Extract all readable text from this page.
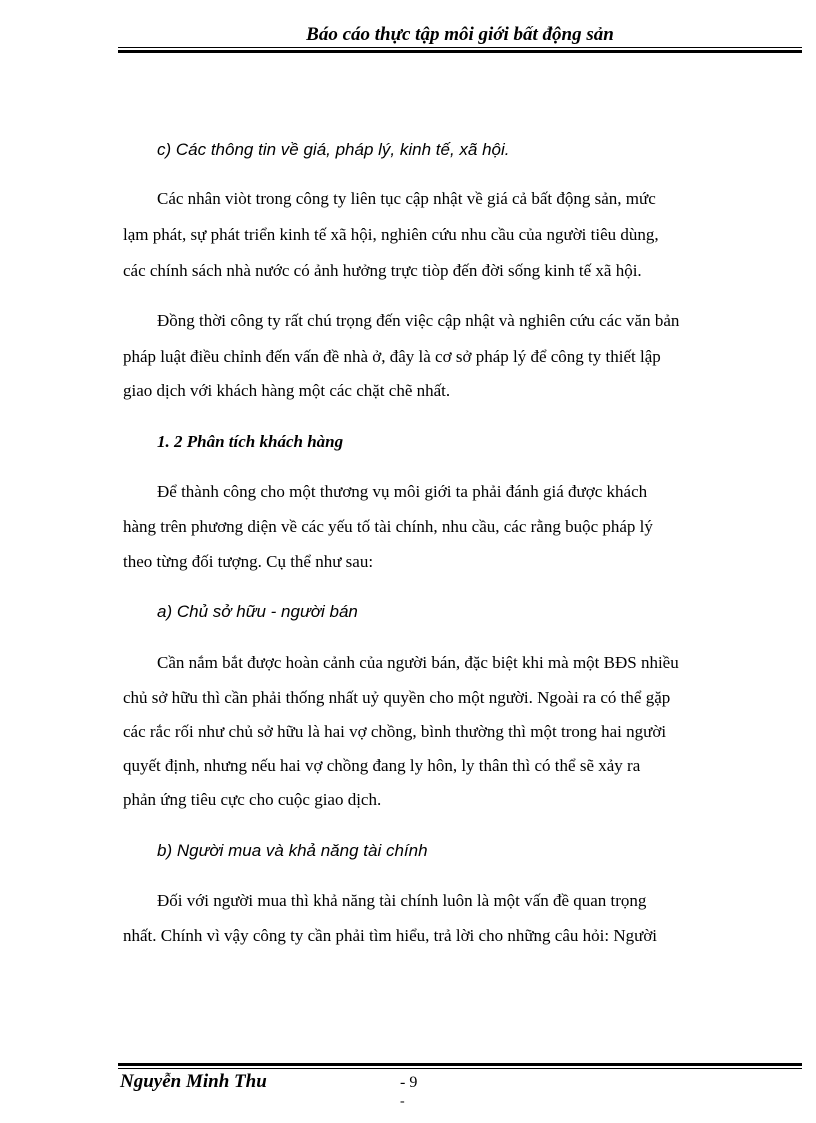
Báo cáo thực tập môi giới bất động sản
c) Các thông tin về giá, pháp lý, kinh tế, xã hội.
Các nhân viòt trong công ty liên tục cập nhật về giá cả bất động sản, mức
lạm phát, sự phát triển kinh tế xã hội, nghiên cứu nhu cầu của người tiêu dùng,
các chính sách nhà nước có ảnh hưởng trực tiòp đến đời sống kinh tế xã hội.
Đồng thời công ty rất chú trọng đến việc cập nhật và nghiên cứu các văn bản
pháp luật điều chỉnh đến vấn đề nhà ở, đây là cơ sở pháp lý để công ty thiết lập
giao dịch với khách hàng một các chặt chẽ nhất.
1. 2 Phân tích khách hàng
Để thành công cho một thương vụ môi giới ta phải đánh giá được khách
hàng trên phương diện về các yếu tố tài chính, nhu cầu, các rằng buộc pháp lý
theo từng đối tượng. Cụ thể như sau:
a) Chủ sở hữu - người bán
Cần nắm bắt được hoàn cảnh của người bán, đặc biệt khi mà một BĐS nhiều
chủ sở hữu thì cần phải thống nhất uỷ quyền cho một người. Ngoài ra có thể gặp
các rắc rối như chủ sở hữu là hai vợ chồng, bình thường thì một trong hai người
quyết định, nhưng nếu hai vợ chồng đang ly hôn, ly thân thì có thể sẽ xảy ra
phản ứng tiêu cực cho cuộc giao dịch.
b) Người mua và khả năng tài chính
Đối với người mua thì khả năng tài chính luôn là một vấn đề quan trọng
nhất. Chính vì vậy công ty cần phải tìm hiểu, trả lời cho những câu hỏi: Người
Nguyễn Minh Thu	- 9
-
